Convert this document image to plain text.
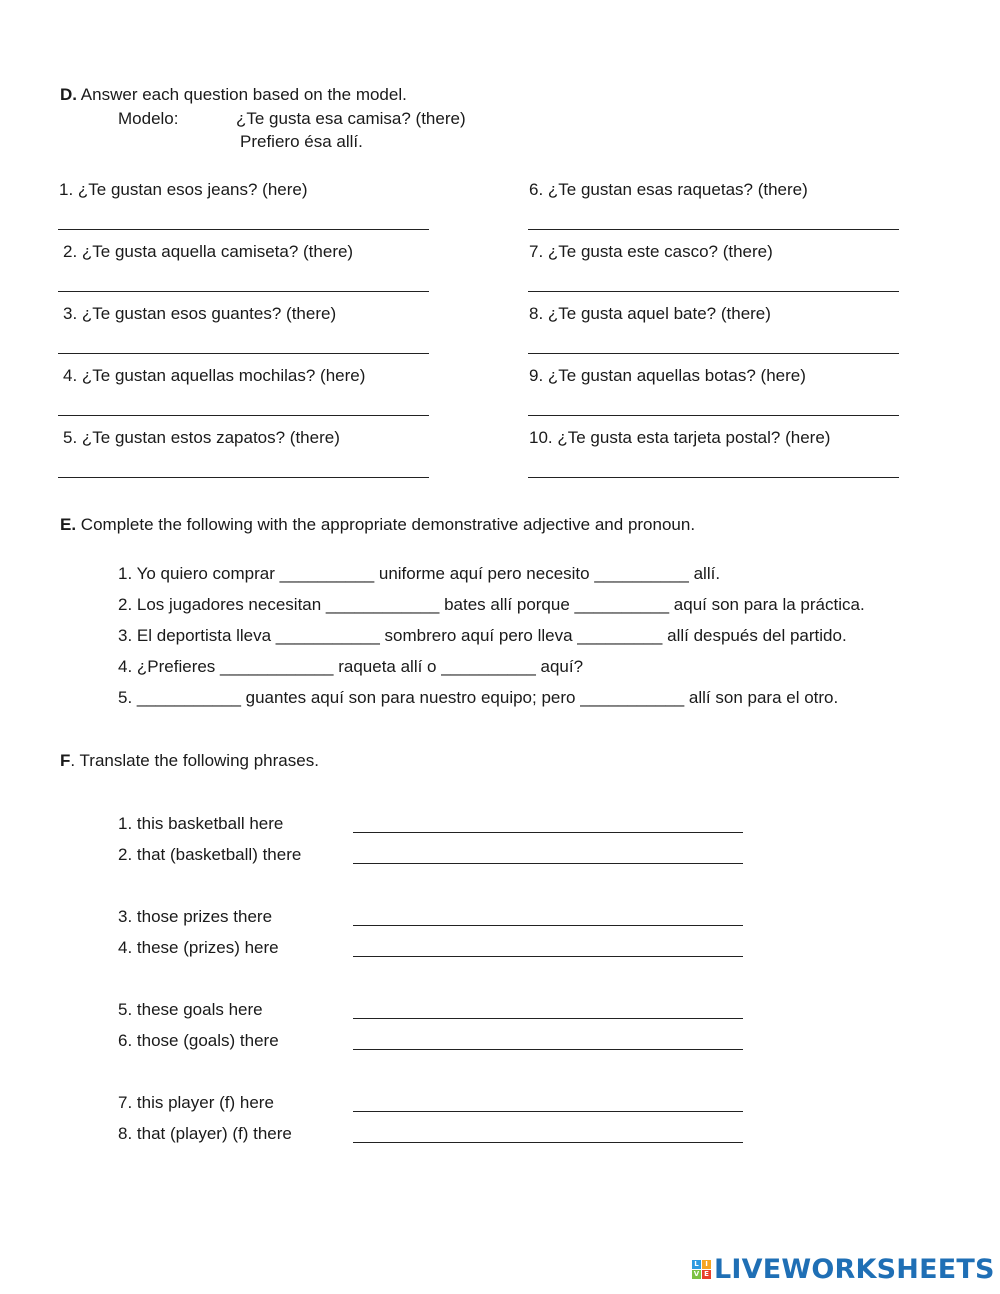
D. Answer each question based on the model.
Modelo:	¿Te gusta esa camisa? (there)
Prefiero ésa allí.
1. ¿Te gustan esos jeans? (here)
2. ¿Te gusta aquella camiseta? (there)
3. ¿Te gustan esos guantes? (there)
4. ¿Te gustan aquellas mochilas? (here)
5. ¿Te gustan estos zapatos? (there)
6. ¿Te gustan esas raquetas? (there)
7. ¿Te gusta este casco? (there)
8. ¿Te gusta aquel bate? (there)
9. ¿Te gustan aquellas botas? (here)
10. ¿Te gusta esta tarjeta postal? (here)
E. Complete the following with the appropriate demonstrative adjective and pronoun.
1. Yo quiero comprar __________ uniforme aquí pero necesito __________ allí.
2. Los jugadores necesitan ____________ bates allí porque __________ aquí son para la práctica.
3. El deportista lleva ___________ sombrero aquí pero lleva _________ allí después del partido.
4. ¿Prefieres ____________ raqueta allí o __________ aquí?
5. ___________ guantes aquí son para nuestro equipo; pero ___________ allí son para el otro.
F. Translate the following phrases.
1. this basketball here
2. that (basketball) there
3. those prizes there
4. these (prizes) here
5. these goals here
6. those (goals) there
7. this player (f) here
8. that (player) (f) there
L I
V E LIVEWORKSHEETS
